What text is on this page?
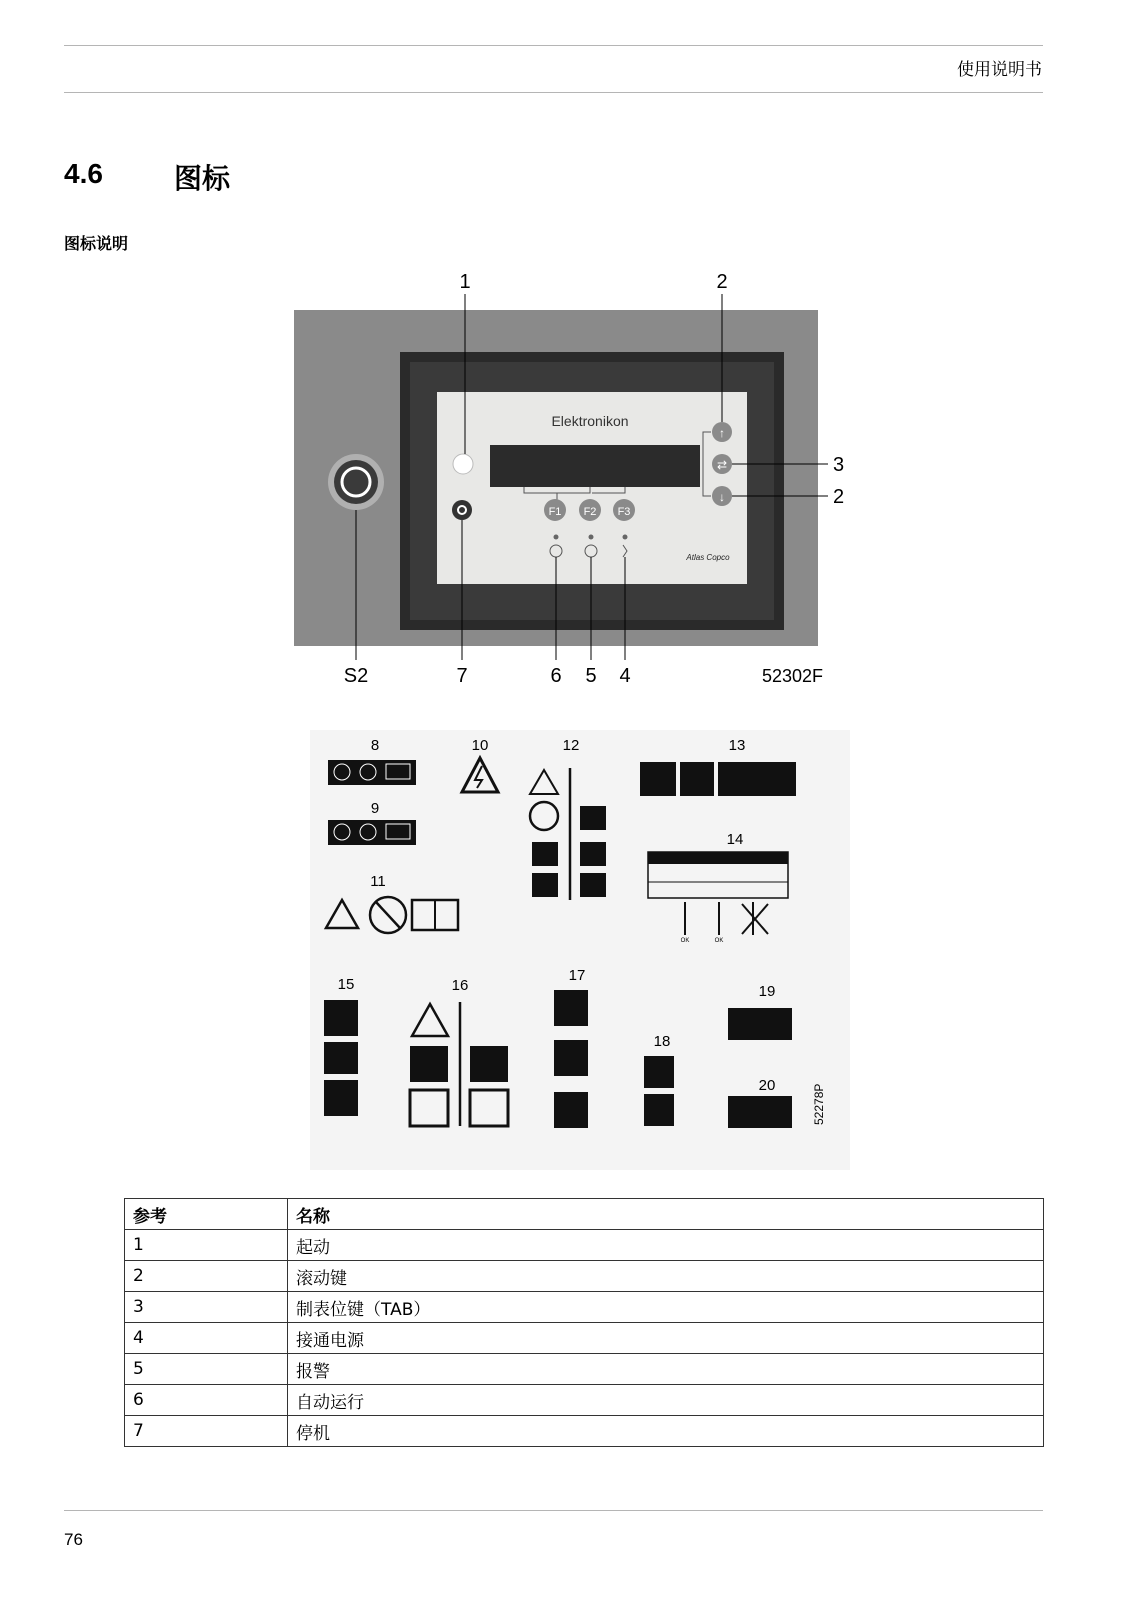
使用说明书
4.6	图标
图标说明
1	2
Elektronikon
F1 F2 F3
↑
⇄
↓
Atlas Copco
3
2
S2	7	6 5 4	52302F
8
9
10
11
12	13
14
15	16
17
18
19
20
OK	OK
52278P
参考	名称
1	起动
2	滚动键
3	制表位键（TAB）
4	接通电源
5	报警
6	自动运行
7	停机
76
